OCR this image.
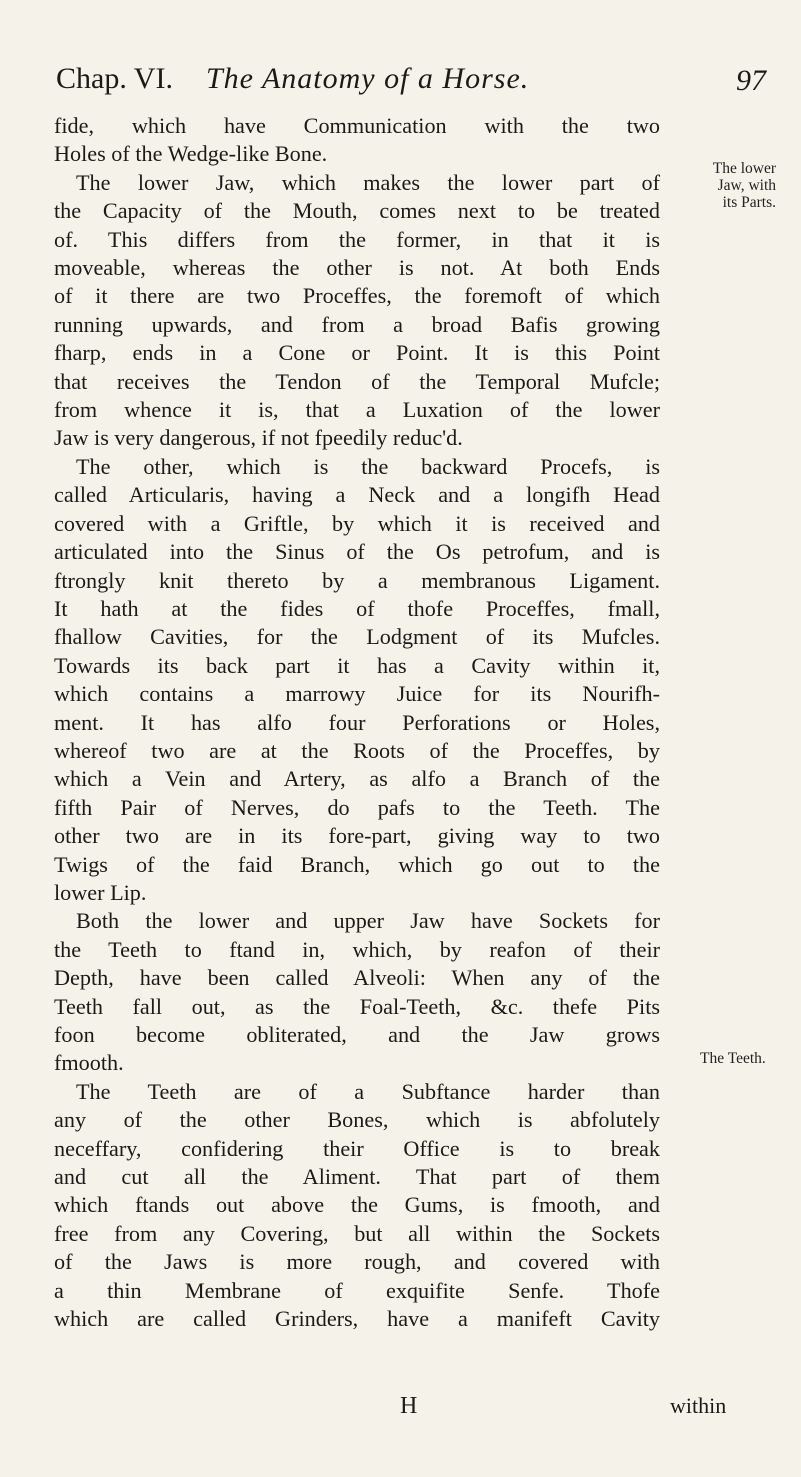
Chap. VI. The Anatomy of a Horse.	97
The lower
Jaw, with
its Parts.
The Teeth.
fide, which have Communication with the two
Holes of the Wedge-like Bone.
The lower Jaw, which makes the lower part of
the Capacity of the Mouth, comes next to be treated
of. This differs from the former, in that it is
moveable, whereas the other is not. At both Ends
of it there are two Proceffes, the foremoft of which
running upwards, and from a broad Bafis growing
fharp, ends in a Cone or Point. It is this Point
that receives the Tendon of the Temporal Mufcle;
from whence it is, that a Luxation of the lower
Jaw is very dangerous, if not fpeedily reduc'd.
The other, which is the backward Procefs, is
called Articularis, having a Neck and a longifh Head
covered with a Griftle, by which it is received and
articulated into the Sinus of the Os petrofum, and is
ftrongly knit thereto by a membranous Ligament.
It hath at the fides of thofe Proceffes, fmall,
fhallow Cavities, for the Lodgment of its Mufcles.
Towards its back part it has a Cavity within it,
which contains a marrowy Juice for its Nourifh-
ment. It has alfo four Perforations or Holes,
whereof two are at the Roots of the Proceffes, by
which a Vein and Artery, as alfo a Branch of the
fifth Pair of Nerves, do pafs to the Teeth. The
other two are in its fore-part, giving way to two
Twigs of the faid Branch, which go out to the
lower Lip.
Both the lower and upper Jaw have Sockets for
the Teeth to ftand in, which, by reafon of their
Depth, have been called Alveoli: When any of the
Teeth fall out, as the Foal-Teeth, &c. thefe Pits
foon become obliterated, and the Jaw grows
fmooth.
The Teeth are of a Subftance harder than
any of the other Bones, which is abfolutely
neceffary, confidering their Office is to break
and cut all the Aliment. That part of them
which ftands out above the Gums, is fmooth, and
free from any Covering, but all within the Sockets
of the Jaws is more rough, and covered with
a thin Membrane of exquifite Senfe. Thofe
which are called Grinders, have a manifeft Cavity
H	within
